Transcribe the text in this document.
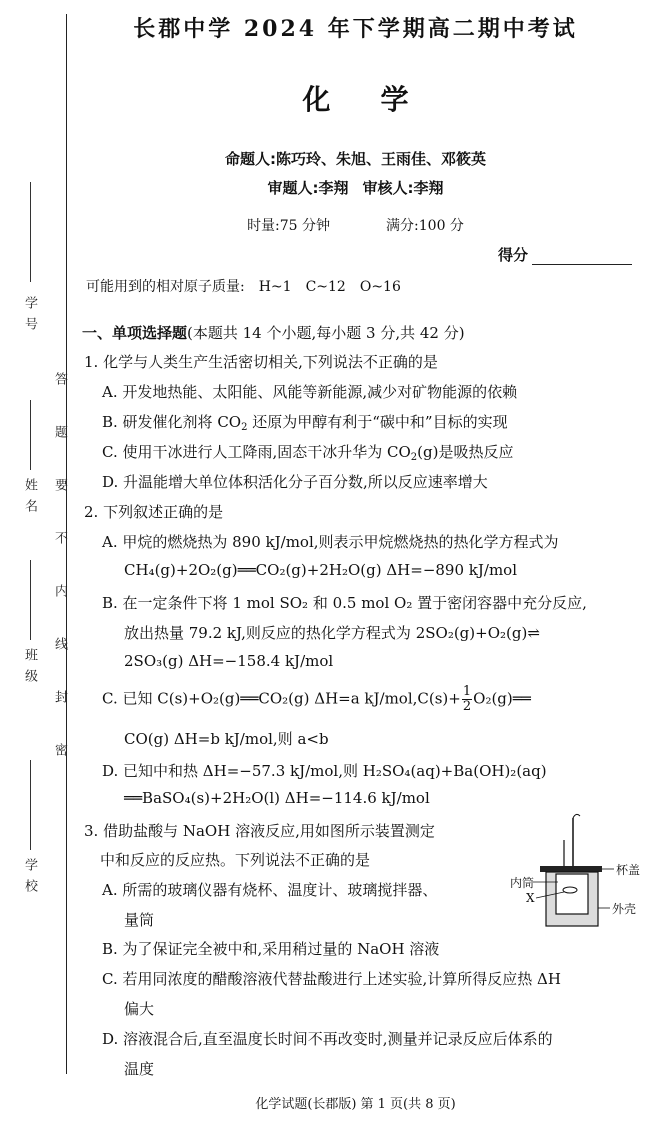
学 号
姓 名
班 级
学 校
答题要不内线封密
长郡中学 2024 年下学期高二期中考试
化学
命题人:陈巧玲、朱旭、王雨佳、邓筱英
审题人:李翔 审核人:李翔
时量:75 分钟	满分:100 分
得分
可能用到的相对原子质量: H~1 C~12 O~16
一、单项选择题(本题共 14 个小题,每小题 3 分,共 42 分)
1. 化学与人类生产生活密切相关,下列说法不正确的是
A. 开发地热能、太阳能、风能等新能源,减少对矿物能源的依赖
B. 研发催化剂将 $CO_2$ 还原为甲醇有利于“碳中和”目标的实现
C. 使用干冰进行人工降雨,固态干冰升华为 $CO_2(g)$是吸热反应
D. 升温能增大单位体积活化分子百分数,所以反应速率增大
2. 下列叙述正确的是
A. 甲烷的燃烧热为 890 kJ/mol,则表示甲烷燃烧热的热化学方程式为
CH₄(g)+2O₂(g)══CO₂(g)+2H₂O(g) ΔH=−890 kJ/mol
B. 在一定条件下将 1 mol SO₂ 和 0.5 mol O₂ 置于密闭容器中充分反应,
放出热量 79.2 kJ,则反应的热化学方程式为 2SO₂(g)+O₂(g)⇌
2SO₃(g) ΔH=−158.4 kJ/mol
C. 已知 C(s)+O₂(g)══CO₂(g) ΔH=a $kJ/mol,C(s)+ \frac{1}{2}$ O₂(g)══
CO(g) ΔH=b kJ/mol,则 a<b
D. 已知中和热 ΔH=−57.3 kJ/mol,则 H₂SO₄(aq)+Ba(OH)₂(aq)
══BaSO₄(s)+2H₂O(l) ΔH=−114.6 kJ/mol
3. 借助盐酸与 NaOH 溶液反应,用如图所示装置测定
中和反应的反应热。下列说法不正确的是
A. 所需的玻璃仪器有烧杯、温度计、玻璃搅拌器、
量筒
B. 为了保证完全被中和,采用稍过量的 NaOH 溶液
C. 若用同浓度的醋酸溶液代替盐酸进行上述实验,计算所得反应热 ΔH
偏大
D. 溶液混合后,直至温度长时间不再改变时,测量并记录反应后体系的
温度
内筒
杯盖
X
外壳
化学试题(长郡版) 第 1 页(共 8 页)
